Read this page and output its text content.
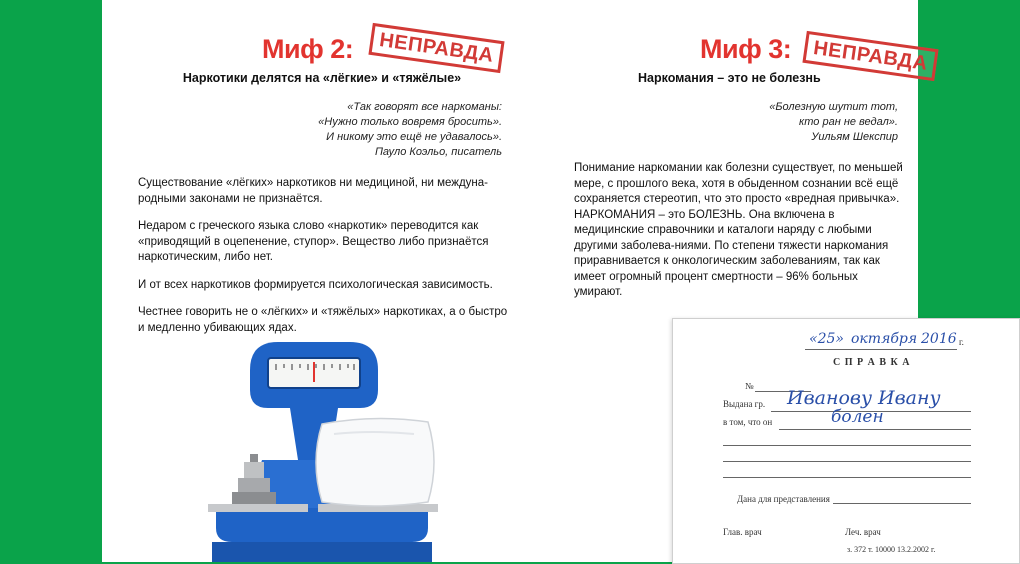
Миф 2:	НЕПРАВДА
Наркотики делятся на «лёгкие» и «тяжёлые»
«Так говорят все наркоманы:
«Нужно только вовремя бросить».
И никому это ещё не удавалось».
Пауло Коэльо, писатель

Существование «лёгких» наркотиков ни медициной, ни междуна-родными законами не признаётся.

Недаром с греческого языка слово «наркотик» переводится как «приводящий в оцепенение, ступор». Вещество либо признаётся наркотическим, либо нет.

И от всех наркотиков формируется психологическая зависимость.

Честнее говорить не о «лёгких» и «тяжёлых» наркотиках, а о быстро и медленно убивающих ядах.

Миф 3:	НЕПРАВДА
Наркомания – это не болезнь
«Болезную шутит тот,
кто ран не ведал».
Уильям Шекспир

Понимание наркомании как болезни существует, по меньшей мере, с прошлого века, хотя в обыденном сознании всё ещё сохраняется стереотип, что это просто «вредная привычка». НАРКОМАНИЯ – это БОЛЕЗНЬ. Она включена в медицинские справочники и каталоги наряду с любыми другими заболева-ниями. По степени тяжести наркомания приравнивается к онкологическим заболеваниям, так как имеет огромный процент смертности – 96% больных умирают.

«25» октября 2016 г.
С П Р А В К А
№
Выдана гр. Иванову Ивану
в том, что он	болен
Дана для представления
Глав. врач	Леч. врач
з. 372 т. 10000 13.2.2002 г.
